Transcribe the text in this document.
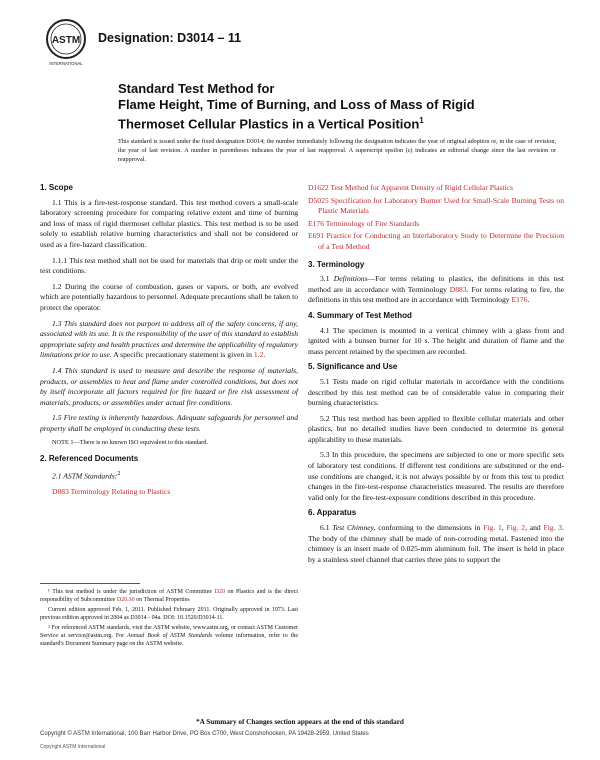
ASTM
INTERNATIONAL
Designation: D3014 – 11
Standard Test Method for
Flame Height, Time of Burning, and Loss of Mass of Rigid
Thermoset Cellular Plastics in a Vertical Position$^1$
This standard is issued under the fixed designation D3014; the number immediately following the designation indicates the year of original adoption or, in the case of revision, the year of last revision. A number in parentheses indicates the year of last reapproval. A superscript epsilon (ε) indicates an editorial change since the last revision or reapproval.
1. Scope

1.1 This is a fire-test-response standard. This test method covers a small-scale laboratory screening procedure for comparing relative extent and time of burning and loss of mass of rigid thermoset cellular plastics. This test method is to be used solely to establish relative burning characteristics and shall not be considered or used as a fire-hazard classification.

1.1.1 This test method shall not be used for materials that drip or melt under the test conditions.

1.2 During the course of combustion, gases or vapors, or both, are evolved which are potentially hazardous to personnel. Adequate precautions shall be taken to protect the operator.

1.3 This standard does not purport to address all of the safety concerns, if any, associated with its use. It is the responsibility of the user of this standard to establish appropriate safety and health practices and determine the applicability of regulatory limitations prior to use. A specific precautionary statement is given in 1.2.

1.4 This standard is used to measure and describe the response of materials, products, or assemblies to heat and flame under controlled conditions, but does not by itself incorporate all factors required for fire hazard or fire risk assessment of materials, products, or assemblies under actual fire conditions.

1.5 Fire testing is inherently hazardous. Adequate safeguards for personnel and property shall be employed in conducting these tests.

NOTE 1—There is no known ISO equivalent to this standard.

2. Referenced Documents

2.1 ASTM Standards:$^2$

D883 Terminology Relating to Plastics

D1622 Test Method for Apparent Density of Rigid Cellular Plastics

D5025 Specification for Laboratory Burner Used for Small-Scale Burning Tests on Plastic Materials

E176 Terminology of Fire Standards

E691 Practice for Conducting an Interlaboratory Study to Determine the Precision of a Test Method

3. Terminology

3.1 Definitions—For terms relating to plastics, the definitions in this test method are in accordance with Terminology D883. For terms relating to fire, the definitions in this test method are in accordance with Terminology E176.

4. Summary of Test Method

4.1 The specimen is mounted in a vertical chimney with a glass front and ignited with a bunsen burner for 10 s. The height and duration of flame and the mass percent retained by the specimen are recorded.

5. Significance and Use

5.1 Tests made on rigid cellular materials in accordance with the conditions described by this test method can be of considerable value in comparing their burning characteristics.

5.2 This test method has been applied to flexible cellular materials and other plastics, but no detailed studies have been conducted to determine its general applicability to these materials.

5.3 In this procedure, the specimens are subjected to one or more specific sets of laboratory test conditions. If different test conditions are substituted or the end-use conditions are changed, it is not always possible by or from this test to predict changes in the fire-test-response characteristics measured. The results are therefore valid only for the fire-test-exposure conditions described in this procedure.

6. Apparatus

6.1 Test Chimney, conforming to the dimensions in Fig. 1, Fig. 2, and Fig. 3. The body of the chimney shall be made of non-corroding metal. Fastened into the chimney is an insert made of 0.025-mm aluminum foil. The insert is held in place by a stainless steel channel that carries three pins to support the

¹ This test method is under the jurisdiction of ASTM Committee D20 on Plastics and is the direct responsibility of Subcommittee D20.30 on Thermal Properties

Current edition approved Feb. 1, 2011. Published February 2011. Originally approved in 1973. Last previous edition approved in 2004 as D3014 - 04a. DOI: 10.1520/D3014-11.

² For referenced ASTM standards, visit the ASTM website, www.astm.org, or contact ASTM Customer Service at service@astm.org. For Annual Book of ASTM Standards volume information, refer to the standard's Document Summary page on the ASTM website.

*A Summary of Changes section appears at the end of this standard
Copyright © ASTM International, 100 Barr Harbor Drive, PO Box C700, West Conshohocken, PA 19428-2959. United States
Copyright ASTM International
